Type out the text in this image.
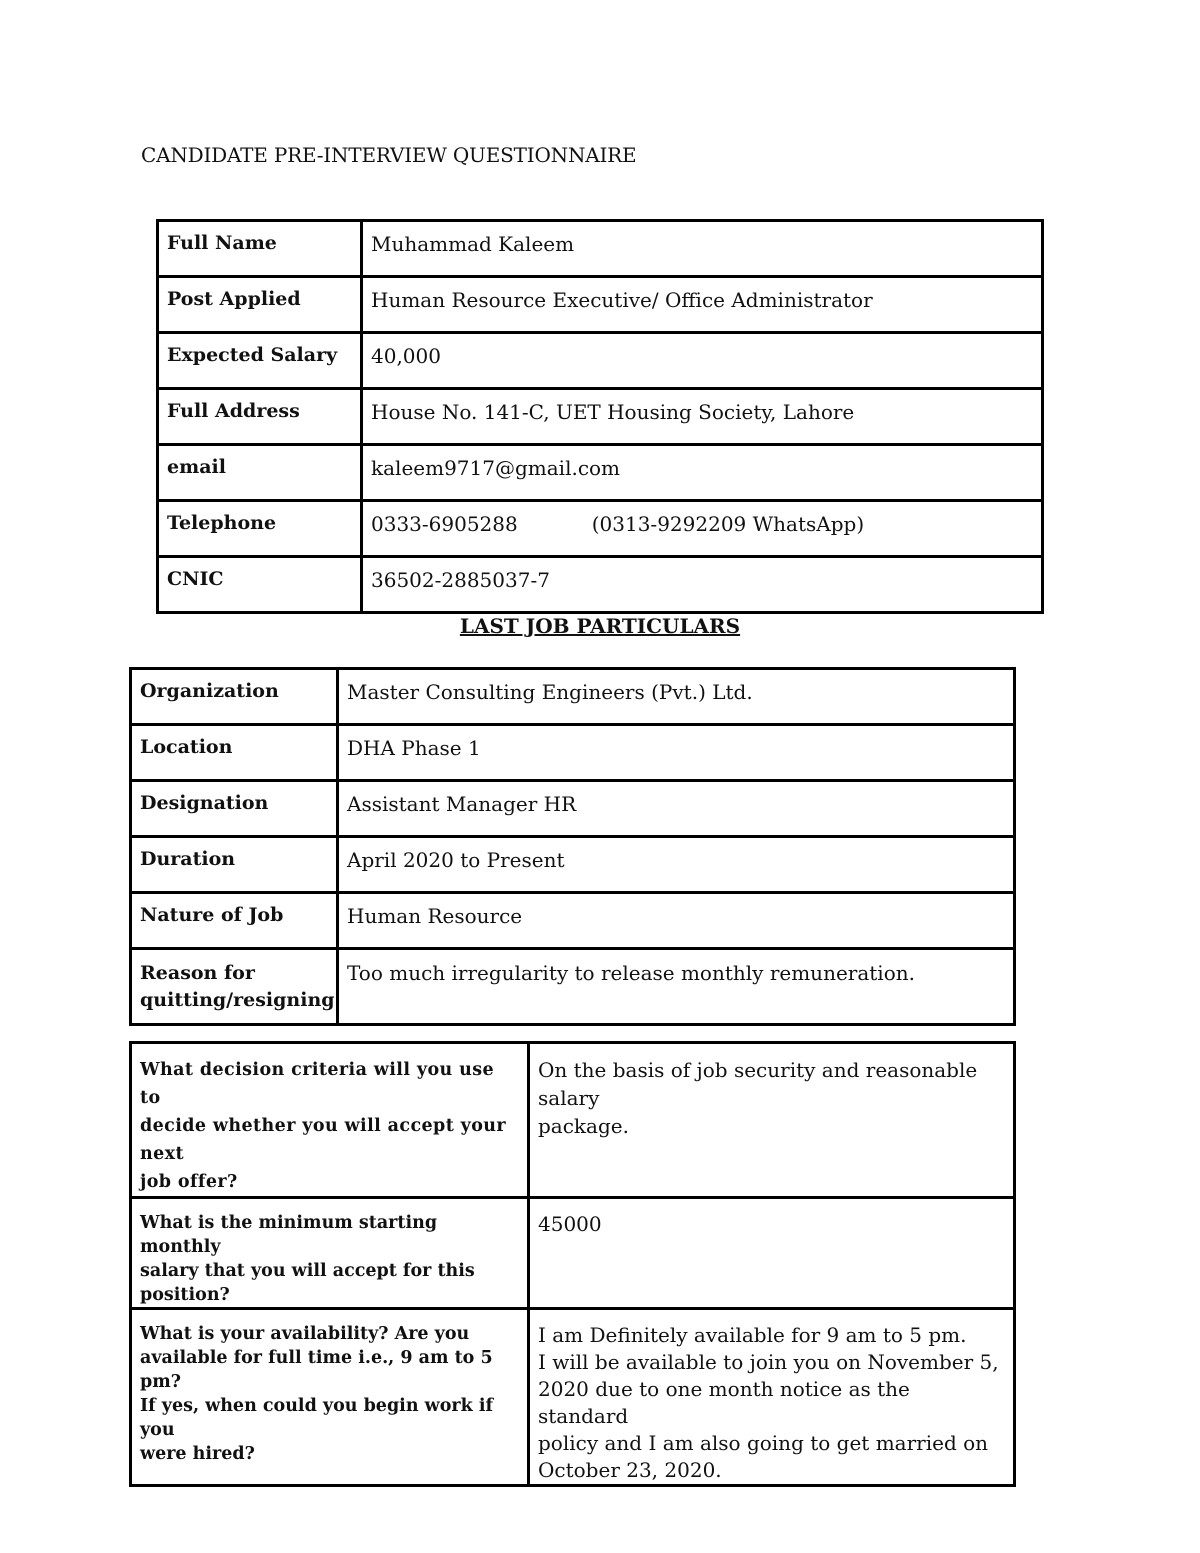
CANDIDATE PRE-INTERVIEW QUESTIONNAIRE
Full Name	Muhammad Kaleem
Post Applied	Human Resource Executive/ Office Administrator
Expected Salary	40,000
Full Address	House No. 141-C, UET Housing Society, Lahore
email	kaleem9717@gmail.com
Telephone	0333-6905288 (0313-9292209 WhatsApp)
CNIC	36502-2885037-7
LAST JOB PARTICULARS
Organization	Master Consulting Engineers (Pvt.) Ltd.
Location	DHA Phase 1
Designation	Assistant Manager HR
Duration	April 2020 to Present
Nature of Job	Human Resource
Reason for
quitting/resigning	Too much irregularity to release monthly remuneration.
What decision criteria will you use to
decide whether you will accept your next
job offer?	On the basis of job security and reasonable salary
package.
What is the minimum starting monthly
salary that you will accept for this
position?	45000
What is your availability? Are you
available for full time i.e., 9 am to 5 pm?
If yes, when could you begin work if you
were hired?	I am Definitely available for 9 am to 5 pm.
I will be available to join you on November 5,
2020 due to one month notice as the standard
policy and I am also going to get married on
October 23, 2020.
